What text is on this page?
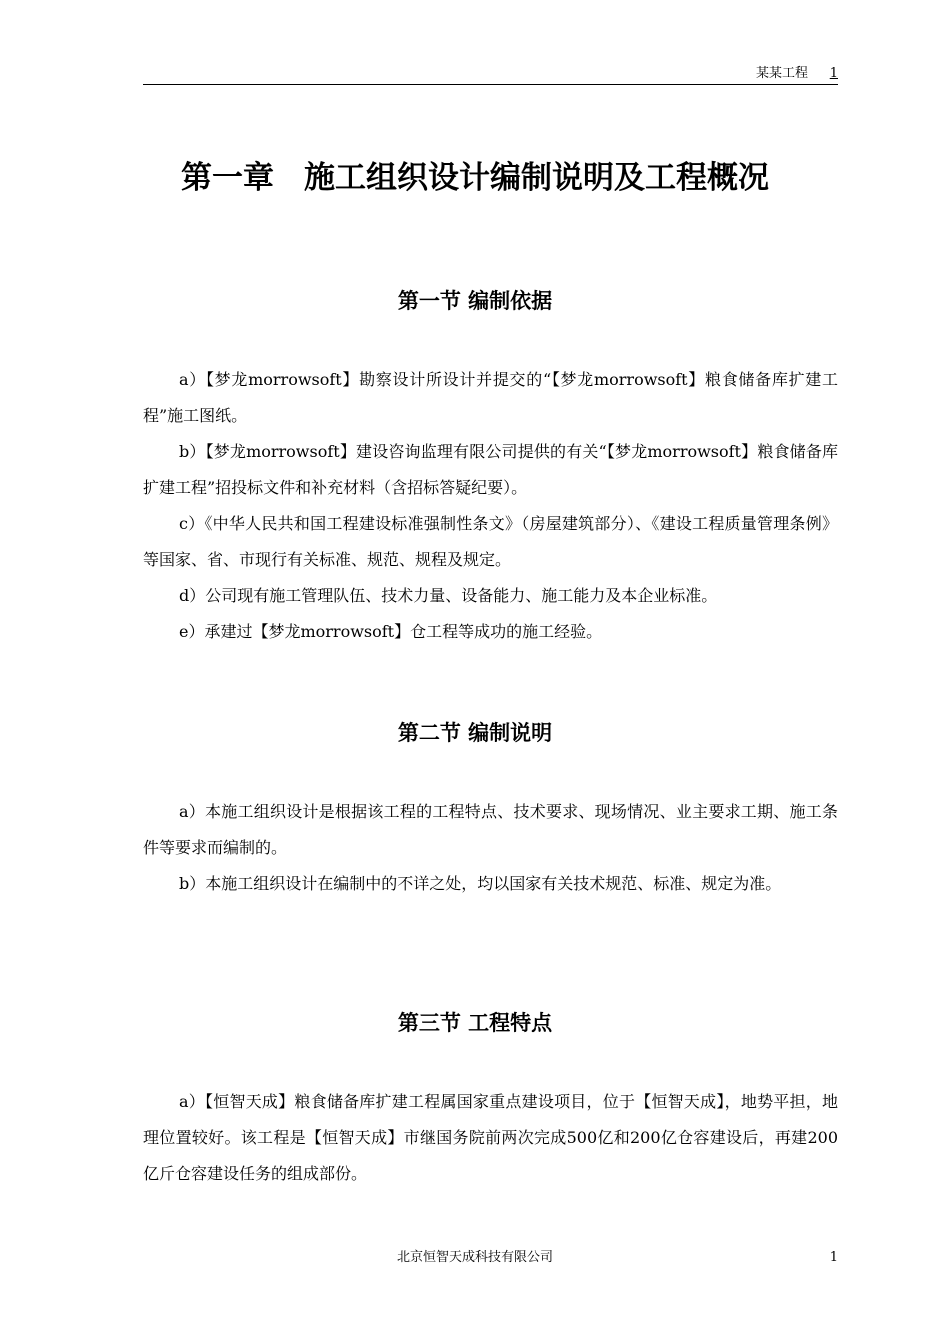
某某工程 1
第一章 施工组织设计编制说明及工程概况
第一节 编制依据

a）【梦龙morrowsoft】勘察设计所设计并提交的“【梦龙morrowsoft】粮食储备库扩建工程”施工图纸。

b）【梦龙morrowsoft】建设咨询监理有限公司提供的有关“【梦龙morrowsoft】粮食储备库扩建工程”招投标文件和补充材料（含招标答疑纪要）。

c）《中华人民共和国工程建设标准强制性条文》（房屋建筑部分）、《建设工程质量管理条例》等国家、省、市现行有关标准、规范、规程及规定。

d）公司现有施工管理队伍、技术力量、设备能力、施工能力及本企业标准。

e）承建过【梦龙morrowsoft】仓工程等成功的施工经验。

第二节 编制说明

a）本施工组织设计是根据该工程的工程特点、技术要求、现场情况、业主要求工期、施工条件等要求而编制的。

b）本施工组织设计在编制中的不详之处，均以国家有关技术规范、标准、规定为准。

第三节 工程特点

a）【恒智天成】粮食储备库扩建工程属国家重点建设项目，位于【恒智天成】，地势平担，地理位置较好。该工程是【恒智天成】市继国务院前两次完成500亿和200亿仓容建设后，再建200亿斤仓容建设任务的组成部份。

北京恒智天成科技有限公司	1
